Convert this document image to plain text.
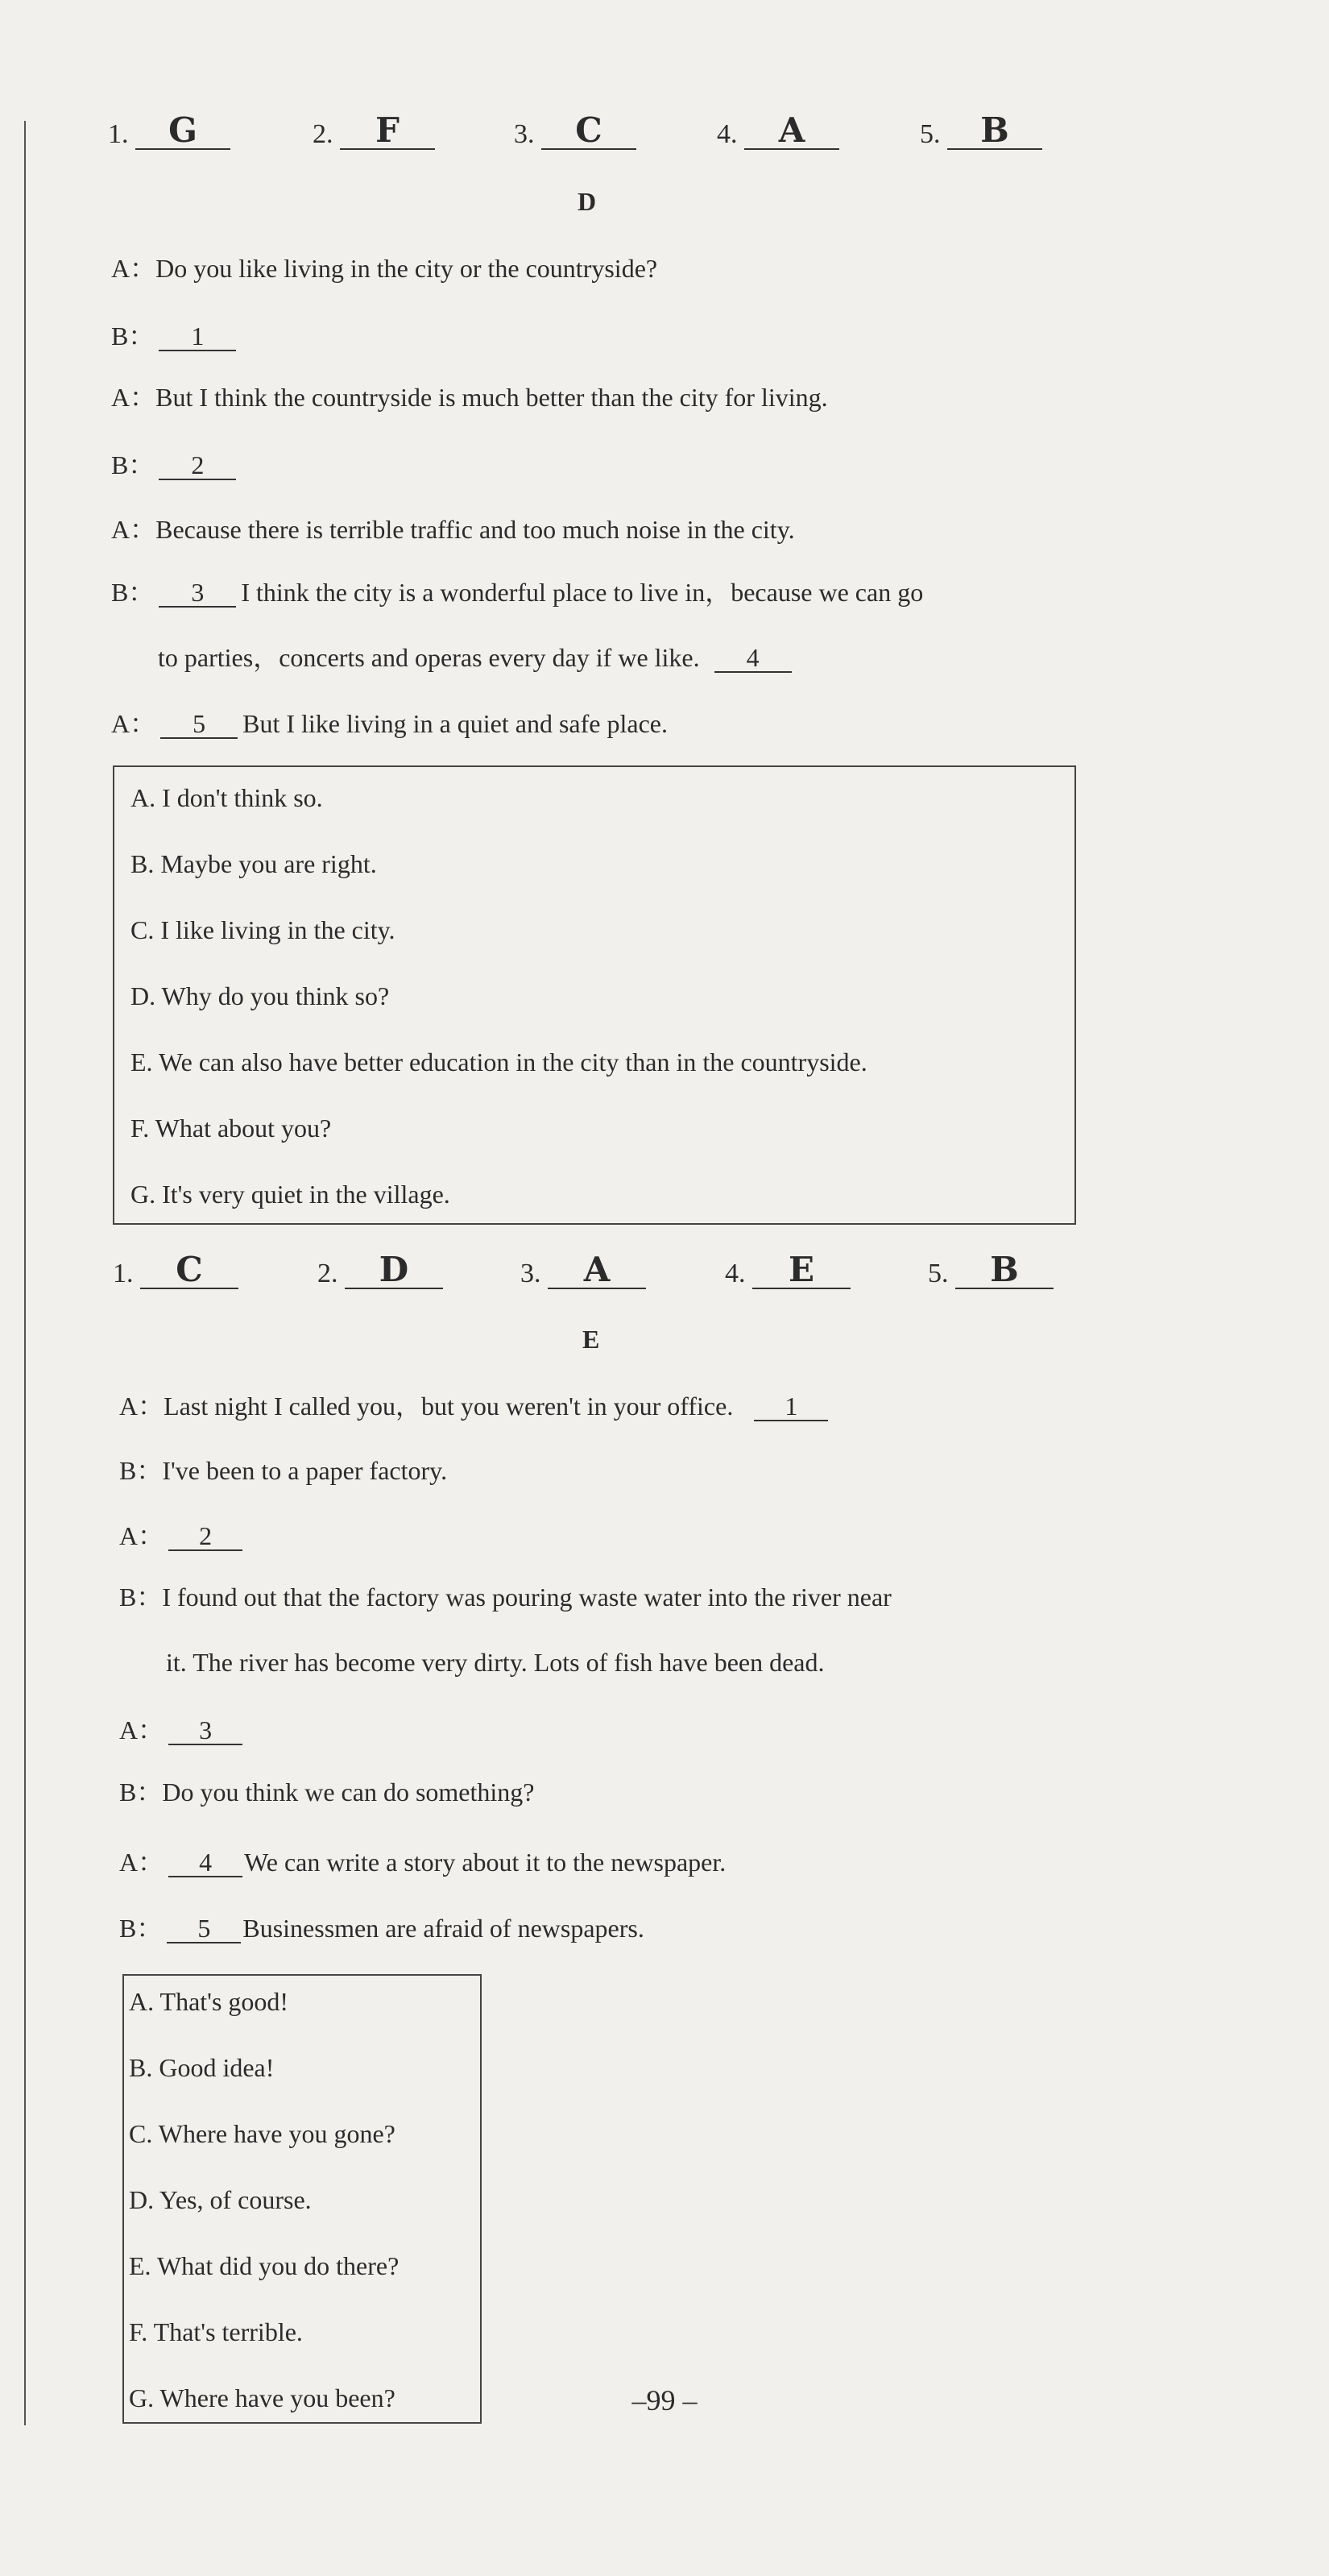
1. G	2. F	3. C	4. A	5. B
D
A：Do you like living in the city or the countryside?
B： 1
A：But I think the countryside is much better than the city for living.
B： 2
A：Because there is terrible traffic and too much noise in the city.
B： 3 I think the city is a wonderful place to live in，because we can go
to parties，concerts and operas every day if we like. 4
A： 5 But I like living in a quiet and safe place.
A. I don't think so.
B. Maybe you are right.
C. I like living in the city.
D. Why do you think so?
E. We can also have better education in the city than in the countryside.
F. What about you?
G. It's very quiet in the village.
1. C	2. D	3. A	4. E	5. B
E
A：Last night I called you，but you weren't in your office. 1
B：I've been to a paper factory.
A： 2
B：I found out that the factory was pouring waste water into the river near
it. The river has become very dirty. Lots of fish have been dead.
A： 3
B：Do you think we can do something?
A： 4 We can write a story about it to the newspaper.
B： 5 Businessmen are afraid of newspapers.
A. That's good!
B. Good idea!
C. Where have you gone?
D. Yes, of course.
E. What did you do there?
F. That's terrible.
G. Where have you been?	–99 –
